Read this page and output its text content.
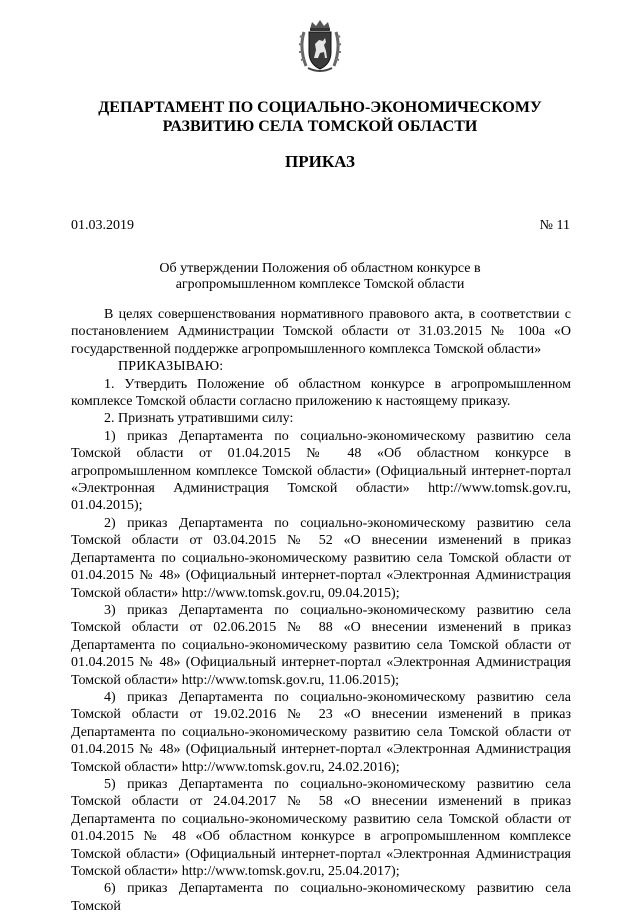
ДЕПАРТАМЕНТ ПО СОЦИАЛЬНО-ЭКОНОМИЧЕСКОМУ
РАЗВИТИЮ СЕЛА ТОМСКОЙ ОБЛАСТИ
ПРИКАЗ
01.03.2019	№ 11
Об утверждении Положения об областном конкурсе в агропромышленном комплексе Томской области

В целях совершенствования нормативного правового акта, в соответствии с постановлением Администрации Томской области от 31.03.2015 № 100а «О государственной поддержке агропромышленного комплекса Томской области»

ПРИКАЗЫВАЮ:

1. Утвердить Положение об областном конкурсе в агропромышленном комплексе Томской области согласно приложению к настоящему приказу.

2. Признать утратившими силу:

1) приказ Департамента по социально-экономическому развитию села Томской области от 01.04.2015 № 48 «Об областном конкурсе в агропромышленном комплексе Томской области» (Официальный интернет-портал «Электронная Администрация Томской области» http://www.tomsk.gov.ru, 01.04.2015);

2) приказ Департамента по социально-экономическому развитию села Томской области от 03.04.2015 № 52 «О внесении изменений в приказ Департамента по социально-экономическому развитию села Томской области от 01.04.2015 № 48» (Официальный интернет-портал «Электронная Администрация Томской области» http://www.tomsk.gov.ru, 09.04.2015);

3) приказ Департамента по социально-экономическому развитию села Томской области от 02.06.2015 № 88 «О внесении изменений в приказ Департамента по социально-экономическому развитию села Томской области от 01.04.2015 № 48» (Официальный интернет-портал «Электронная Администрация Томской области» http://www.tomsk.gov.ru, 11.06.2015);

4) приказ Департамента по социально-экономическому развитию села Томской области от 19.02.2016 № 23 «О внесении изменений в приказ Департамента по социально-экономическому развитию села Томской области от 01.04.2015 № 48» (Официальный интернет-портал «Электронная Администрация Томской области» http://www.tomsk.gov.ru, 24.02.2016);

5) приказ Департамента по социально-экономическому развитию села Томской области от 24.04.2017 № 58 «О внесении изменений в приказ Департамента по социально-экономическому развитию села Томской области от 01.04.2015 № 48 «Об областном конкурсе в агропромышленном комплексе Томской области» (Официальный интернет-портал «Электронная Администрация Томской области» http://www.tomsk.gov.ru, 25.04.2017);

6) приказ Департамента по социально-экономическому развитию села Томской
